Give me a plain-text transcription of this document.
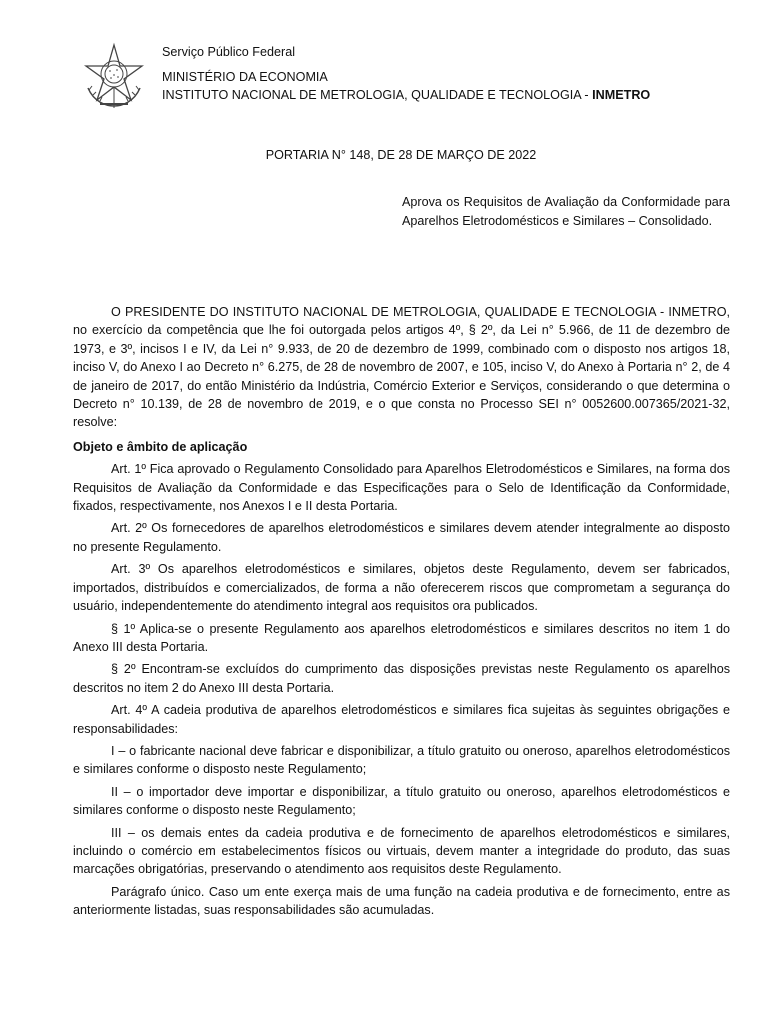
Serviço Público Federal
MINISTÉRIO DA ECONOMIA
INSTITUTO NACIONAL DE METROLOGIA, QUALIDADE E TECNOLOGIA - INMETRO
PORTARIA N° 148, DE 28 DE MARÇO DE 2022
Aprova os Requisitos de Avaliação da Conformidade para Aparelhos Eletrodomésticos e Similares – Consolidado.

O PRESIDENTE DO INSTITUTO NACIONAL DE METROLOGIA, QUALIDADE E TECNOLOGIA - INMETRO, no exercício da competência que lhe foi outorgada pelos artigos 4º, § 2º, da Lei n° 5.966, de 11 de dezembro de 1973, e 3º, incisos I e IV, da Lei n° 9.933, de 20 de dezembro de 1999, combinado com o disposto nos artigos 18, inciso V, do Anexo I ao Decreto n° 6.275, de 28 de novembro de 2007, e 105, inciso V, do Anexo à Portaria n° 2, de 4 de janeiro de 2017, do então Ministério da Indústria, Comércio Exterior e Serviços, considerando o que determina o Decreto n° 10.139, de 28 de novembro de 2019, e o que consta no Processo SEI n° 0052600.007365/2021-32, resolve:

Objeto e âmbito de aplicação

Art. 1º Fica aprovado o Regulamento Consolidado para Aparelhos Eletrodomésticos e Similares, na forma dos Requisitos de Avaliação da Conformidade e das Especificações para o Selo de Identificação da Conformidade, fixados, respectivamente, nos Anexos I e II desta Portaria.

Art. 2º Os fornecedores de aparelhos eletrodomésticos e similares devem atender integralmente ao disposto no presente Regulamento.

Art. 3º Os aparelhos eletrodomésticos e similares, objetos deste Regulamento, devem ser fabricados, importados, distribuídos e comercializados, de forma a não oferecerem riscos que comprometam a segurança do usuário, independentemente do atendimento integral aos requisitos ora publicados.

§ 1º Aplica-se o presente Regulamento aos aparelhos eletrodomésticos e similares descritos no item 1 do Anexo III desta Portaria.

§ 2º Encontram-se excluídos do cumprimento das disposições previstas neste Regulamento os aparelhos descritos no item 2 do Anexo III desta Portaria.

Art. 4º A cadeia produtiva de aparelhos eletrodomésticos e similares fica sujeitas às seguintes obrigações e responsabilidades:

I – o fabricante nacional deve fabricar e disponibilizar, a título gratuito ou oneroso, aparelhos eletrodomésticos e similares conforme o disposto neste Regulamento;

II – o importador deve importar e disponibilizar, a título gratuito ou oneroso, aparelhos eletrodomésticos e similares conforme o disposto neste Regulamento;

III – os demais entes da cadeia produtiva e de fornecimento de aparelhos eletrodomésticos e similares, incluindo o comércio em estabelecimentos físicos ou virtuais, devem manter a integridade do produto, das suas marcações obrigatórias, preservando o atendimento aos requisitos deste Regulamento.

Parágrafo único. Caso um ente exerça mais de uma função na cadeia produtiva e de fornecimento, entre as anteriormente listadas, suas responsabilidades são acumuladas.
